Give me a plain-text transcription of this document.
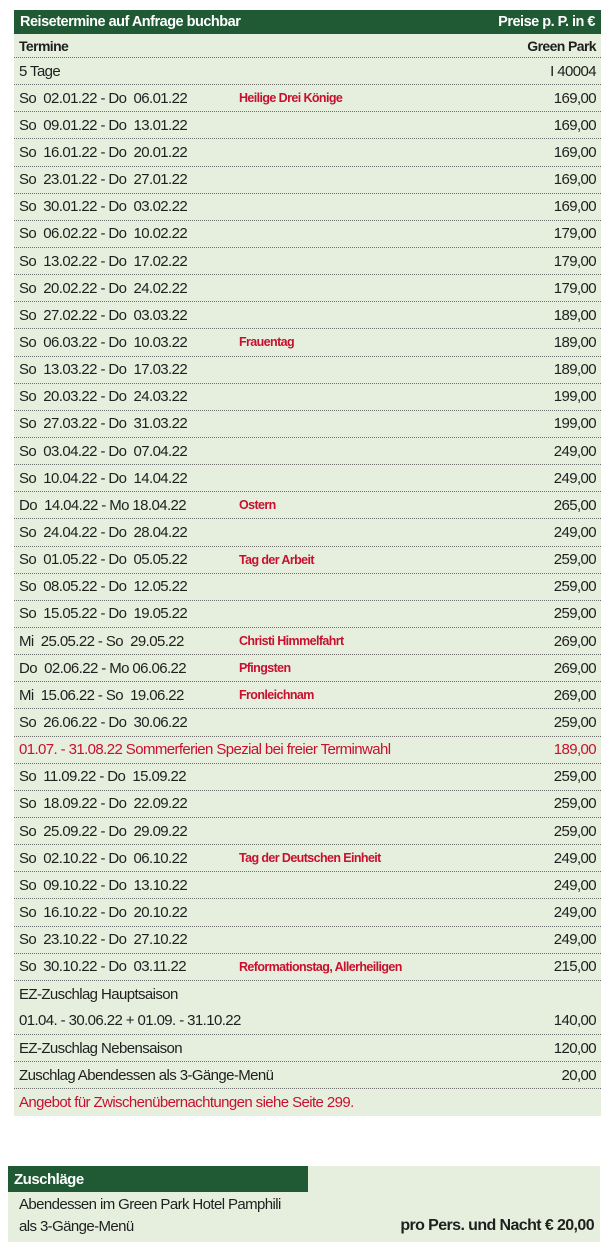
Reisetermine auf Anfrage buchbar	Preise p. P. in €
Termine	Green Park
5 Tage	I 40004
So  02.01.22 - Do  06.01.22	Heilige Drei Könige	169,00
So  09.01.22 - Do  13.01.22	169,00
So  16.01.22 - Do  20.01.22	169,00
So  23.01.22 - Do  27.01.22	169,00
So  30.01.22 - Do  03.02.22	169,00
So  06.02.22 - Do  10.02.22	179,00
So  13.02.22 - Do  17.02.22	179,00
So  20.02.22 - Do  24.02.22	179,00
So  27.02.22 - Do  03.03.22	189,00
So  06.03.22 - Do  10.03.22	Frauentag	189,00
So  13.03.22 - Do  17.03.22	189,00
So  20.03.22 - Do  24.03.22	199,00
So  27.03.22 - Do  31.03.22	199,00
So  03.04.22 - Do  07.04.22	249,00
So  10.04.22 - Do  14.04.22	249,00
Do  14.04.22 - Mo 18.04.22	Ostern	265,00
So  24.04.22 - Do  28.04.22	249,00
So  01.05.22 - Do  05.05.22	Tag der Arbeit	259,00
So  08.05.22 - Do  12.05.22	259,00
So  15.05.22 - Do  19.05.22	259,00
Mi  25.05.22 - So  29.05.22	Christi Himmelfahrt	269,00
Do  02.06.22 - Mo 06.06.22	Pfingsten	269,00
Mi  15.06.22 - So  19.06.22	Fronleichnam	269,00
So  26.06.22 - Do  30.06.22	259,00
01.07. - 31.08.22 Sommerferien Spezial bei freier Terminwahl	189,00
So  11.09.22 - Do  15.09.22	259,00
So  18.09.22 - Do  22.09.22	259,00
So  25.09.22 - Do  29.09.22	259,00
So  02.10.22 - Do  06.10.22	Tag der Deutschen Einheit	249,00
So  09.10.22 - Do  13.10.22	249,00
So  16.10.22 - Do  20.10.22	249,00
So  23.10.22 - Do  27.10.22	249,00
So  30.10.22 - Do  03.11.22	Reformationstag, Allerheiligen	215,00
EZ-Zuschlag Hauptsaison
01.04. - 30.06.22 + 01.09. - 31.10.22	140,00
EZ-Zuschlag Nebensaison	120,00
Zuschlag Abendessen als 3-Gänge-Menü	20,00
Angebot für Zwischenübernachtungen siehe Seite 299.
Zuschläge
Abendessen im Green Park Hotel Pamphili
als 3-Gänge-Menü	pro Pers. und Nacht € 20,00
